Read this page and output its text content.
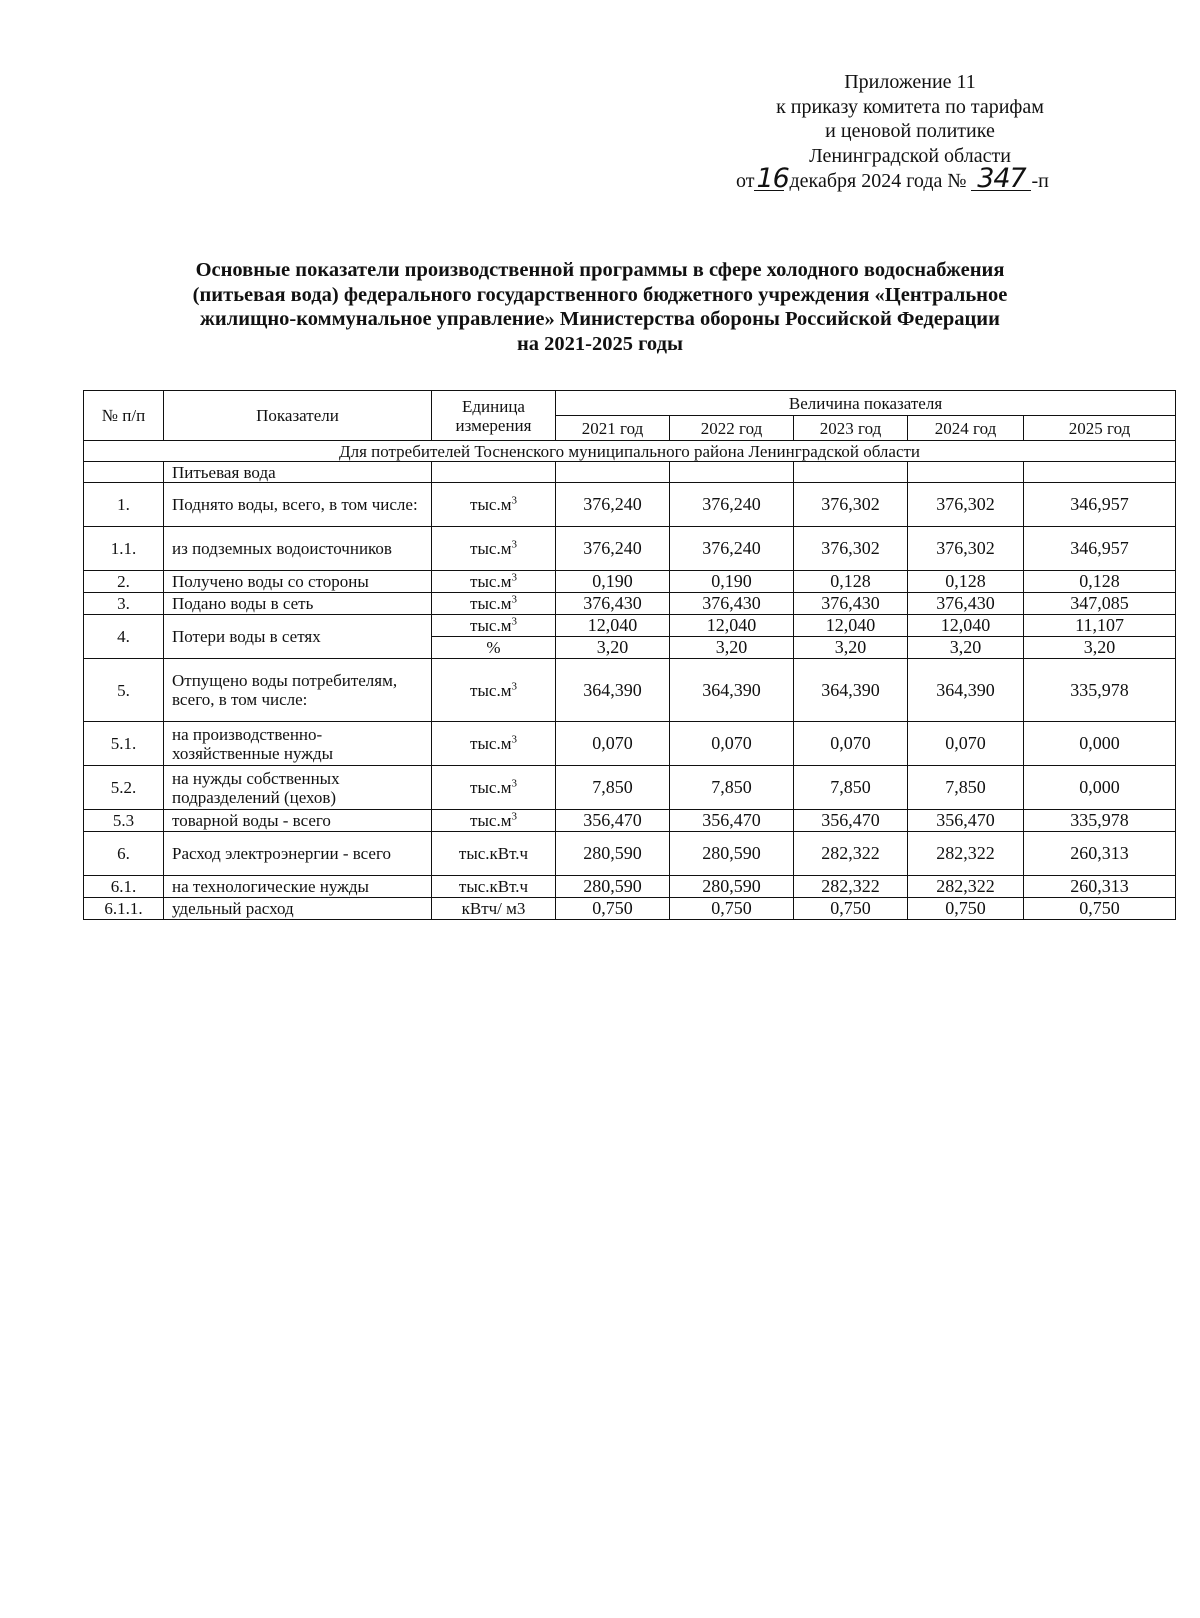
Приложение 11
к приказу комитета по тарифам
и ценовой политике
Ленинградской области
от16 декабря 2024 года № 347 -п
Основные показатели производственной программы в сфере холодного водоснабжения
(питьевая вода) федерального государственного бюджетного учреждения «Центральное
жилищно-коммунальное управление» Министерства обороны Российской Федерации
на 2021-2025 годы
№ п/п	Показатели	Единица измерения	Величина показателя				
			2021 год	2022 год	2023 год	2024 год	2025 год
Для потребителей Тосненского муниципального района Ленинградской области							
	Питьевая вода						
1.	Поднято воды, всего, в том числе:	$тыс.м^3$	376,240	376,240	376,302	376,302	346,957
1.1.	из подземных водоисточников	$тыс.м^3$	376,240	376,240	376,302	376,302	346,957
2.	Получено воды со стороны	$тыс.м^3$	0,190	0,190	0,128	0,128	0,128
3.	Подано воды в сеть	$тыс.м^3$	376,430	376,430	376,430	376,430	347,085
4.	Потери воды в сетях	$тыс.м^3$	12,040	12,040	12,040	12,040	11,107
		%	3,20	3,20	3,20	3,20	3,20
5.	Отпущено воды потребителям, всего, в том числе:	$тыс.м^3$	364,390	364,390	364,390	364,390	335,978
5.1.	на производственно-хозяйственные нужды	$тыс.м^3$	0,070	0,070	0,070	0,070	0,000
5.2.	на нужды собственных подразделений (цехов)	$тыс.м^3$	7,850	7,850	7,850	7,850	0,000
5.3	товарной воды - всего	$тыс.м^3$	356,470	356,470	356,470	356,470	335,978
6.	Расход электроэнергии - всего	тыс.кВт.ч	280,590	280,590	282,322	282,322	260,313
6.1.	на технологические нужды	тыс.кВт.ч	280,590	280,590	282,322	282,322	260,313
6.1.1.	удельный расход	кВтч/ м3	0,750	0,750	0,750	0,750	0,750
